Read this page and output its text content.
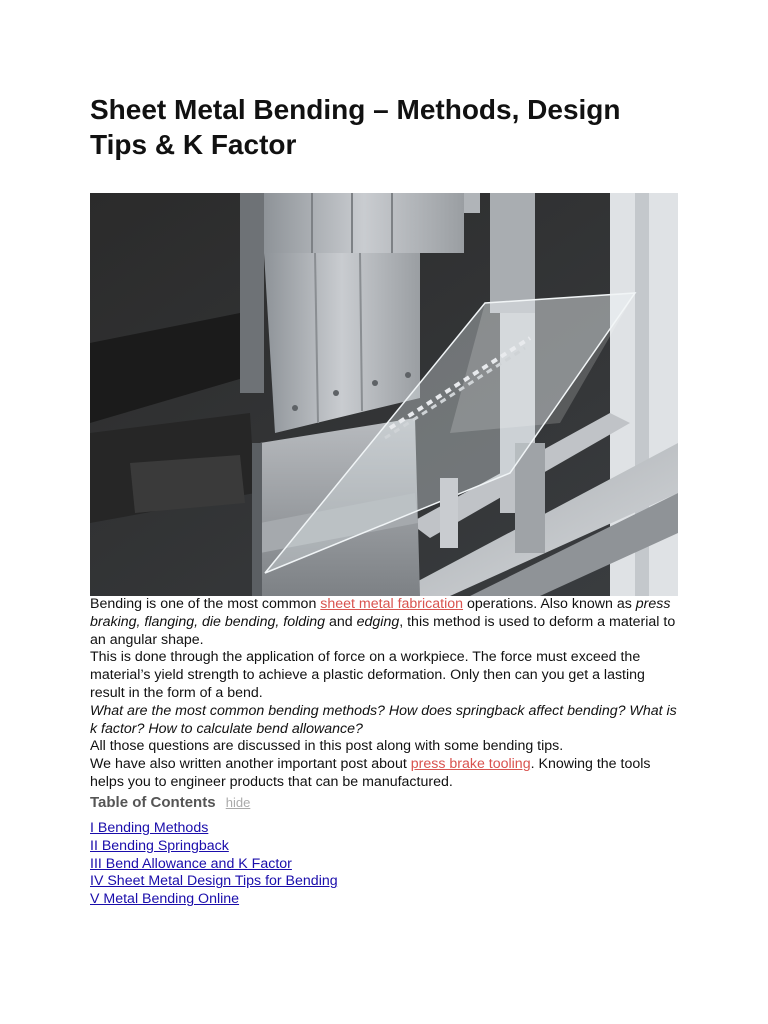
Sheet Metal Bending – Methods, Design Tips & K Factor

Bending is one of the most common sheet metal fabrication operations. Also known as press braking, flanging, die bending, folding and edging, this method is used to deform a material to an angular shape.

This is done through the application of force on a workpiece. The force must exceed the material’s yield strength to achieve a plastic deformation. Only then can you get a lasting result in the form of a bend.

What are the most common bending methods? How does springback affect bending? What is k factor? How to calculate bend allowance?

All those questions are discussed in this post along with some bending tips.

We have also written another important post about press brake tooling. Knowing the tools helps you to engineer products that can be manufactured.

Table of Contents hide
I Bending Methods
II Bending Springback
III Bend Allowance and K Factor
IV Sheet Metal Design Tips for Bending
V Metal Bending Online
